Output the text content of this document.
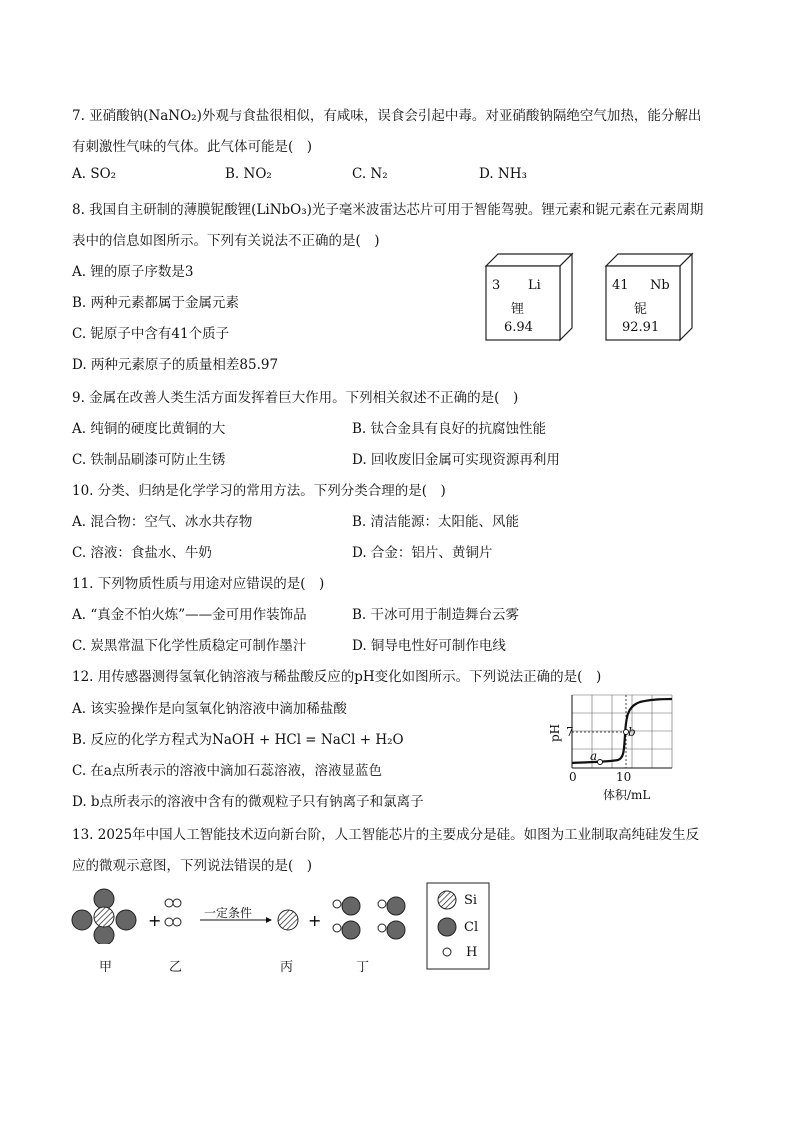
7. 亚硝酸钠(NaNO₂)外观与食盐很相似，有咸味，误食会引起中毒。对亚硝酸钠隔绝空气加热，能分解出
有刺激性气味的气体。此气体可能是(　)
A. SO₂	B. NO₂	C. N₂	D. NH₃
8. 我国自主研制的薄膜铌酸锂(LiNbO₃)光子毫米波雷达芯片可用于智能驾驶。锂元素和铌元素在元素周期
表中的信息如图所示。下列有关说法不正确的是(　)
A. 锂的原子序数是3
B. 两种元素都属于金属元素
C. 铌原子中含有41个质子
D. 两种元素原子的质量相差85.97
3 Li
锂
6.94
41 Nb
铌
92.91
9. 金属在改善人类生活方面发挥着巨大作用。下列相关叙述不正确的是(　)
A. 纯铜的硬度比黄铜的大	B. 钛合金具有良好的抗腐蚀性能
C. 铁制品刷漆可防止生锈	D. 回收废旧金属可实现资源再利用
10. 分类、归纳是化学学习的常用方法。下列分类合理的是(　)
A. 混合物：空气、冰水共存物	B. 清洁能源：太阳能、风能
C. 溶液：食盐水、牛奶	D. 合金：铝片、黄铜片
11. 下列物质性质与用途对应错误的是(　)
A. “真金不怕火炼”——金可用作装饰品	B. 干冰可用于制造舞台云雾
C. 炭黑常温下化学性质稳定可制作墨汁	D. 铜导电性好可制作电线
12. 用传感器测得氢氧化钠溶液与稀盐酸反应的pH变化如图所示。下列说法正确的是(　)
A. 该实验操作是向氢氧化钠溶液中滴加稀盐酸
B. 反应的化学方程式为NaOH + HCl = NaCl + H₂O
C. 在a点所表示的溶液中滴加石蕊溶液，溶液显蓝色
D. b点所表示的溶液中含有的微观粒子只有钠离子和氯离子
a
b
7
pH
0	10
体积/mL
13. 2025年中国人工智能技术迈向新台阶，人工智能芯片的主要成分是硅。如图为工业制取高纯硅发生反
应的微观示意图，下列说法错误的是(　)
+	+
一定条件
甲	乙	丙	丁
Si
Cl
H
